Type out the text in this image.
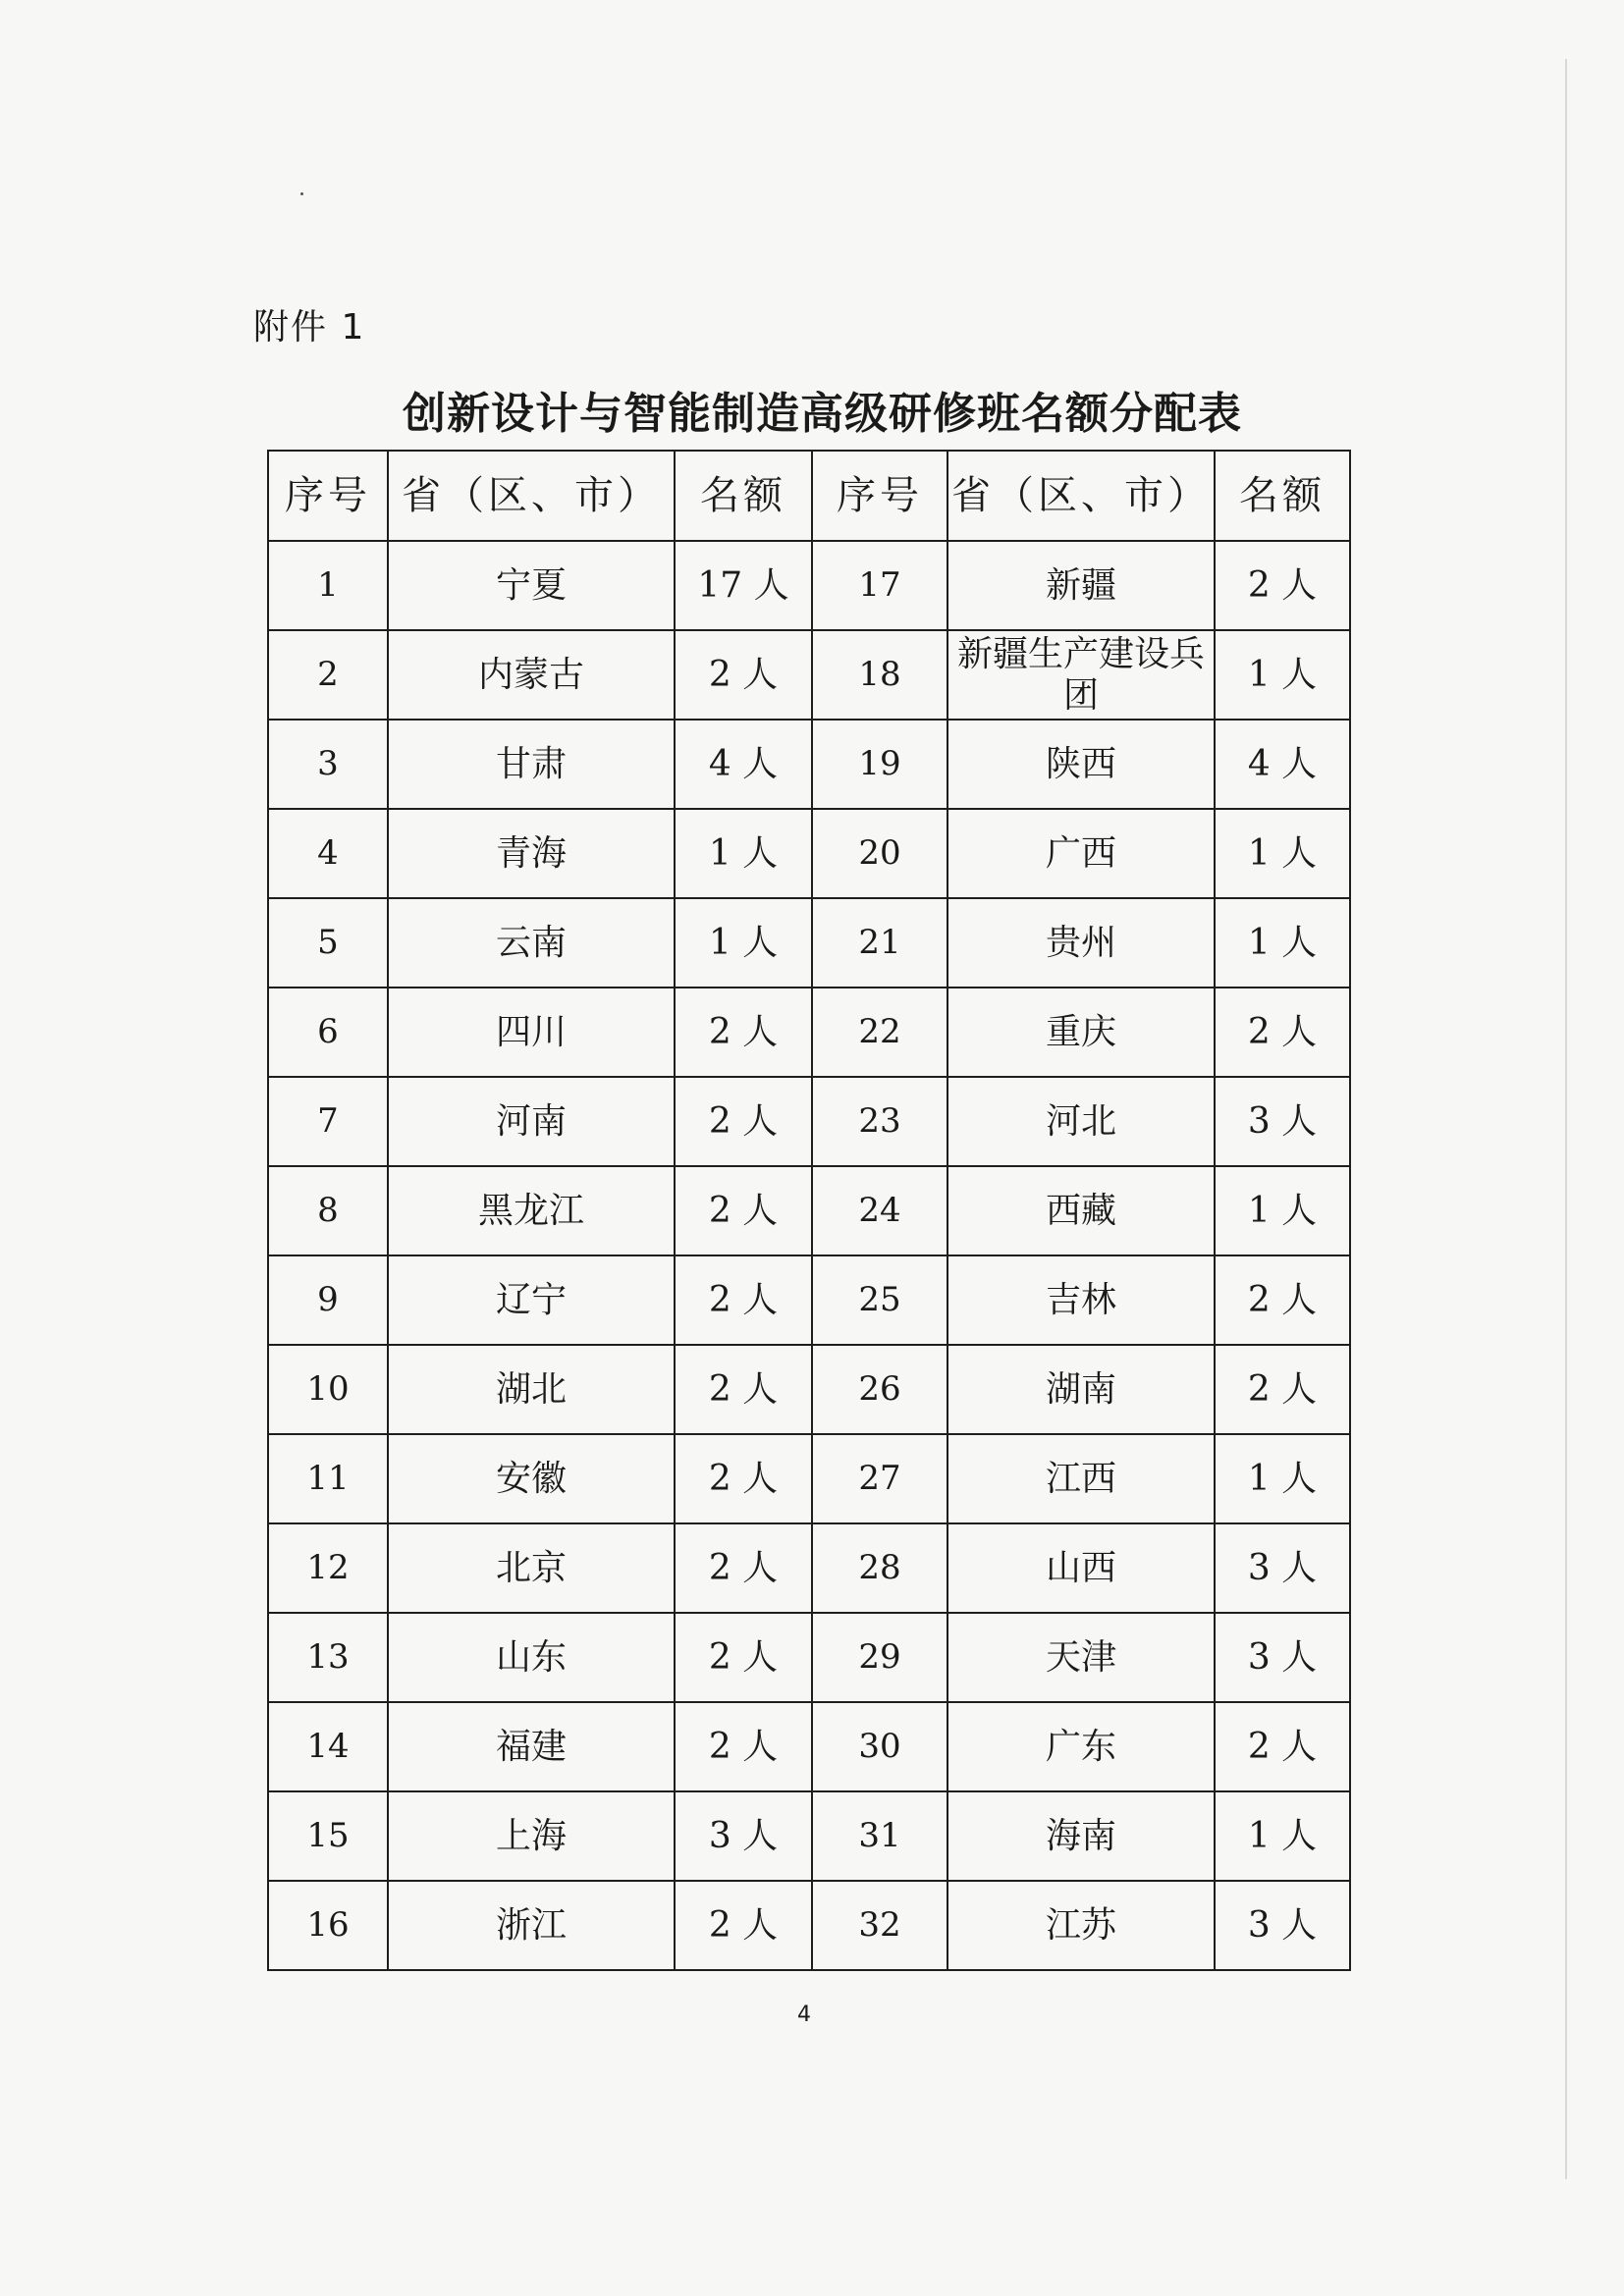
附件 1
创新设计与智能制造高级研修班名额分配表
序号	省（区、市）	名额	序号	省（区、市）	名额
1	宁夏	17 人	17	新疆	2 人
2	内蒙古	2 人	18	新疆生产建设兵团	1 人
3	甘肃	4 人	19	陕西	4 人
4	青海	1 人	20	广西	1 人
5	云南	1 人	21	贵州	1 人
6	四川	2 人	22	重庆	2 人
7	河南	2 人	23	河北	3 人
8	黑龙江	2 人	24	西藏	1 人
9	辽宁	2 人	25	吉林	2 人
10	湖北	2 人	26	湖南	2 人
11	安徽	2 人	27	江西	1 人
12	北京	2 人	28	山西	3 人
13	山东	2 人	29	天津	3 人
14	福建	2 人	30	广东	2 人
15	上海	3 人	31	海南	1 人
16	浙江	2 人	32	江苏	3 人
4
